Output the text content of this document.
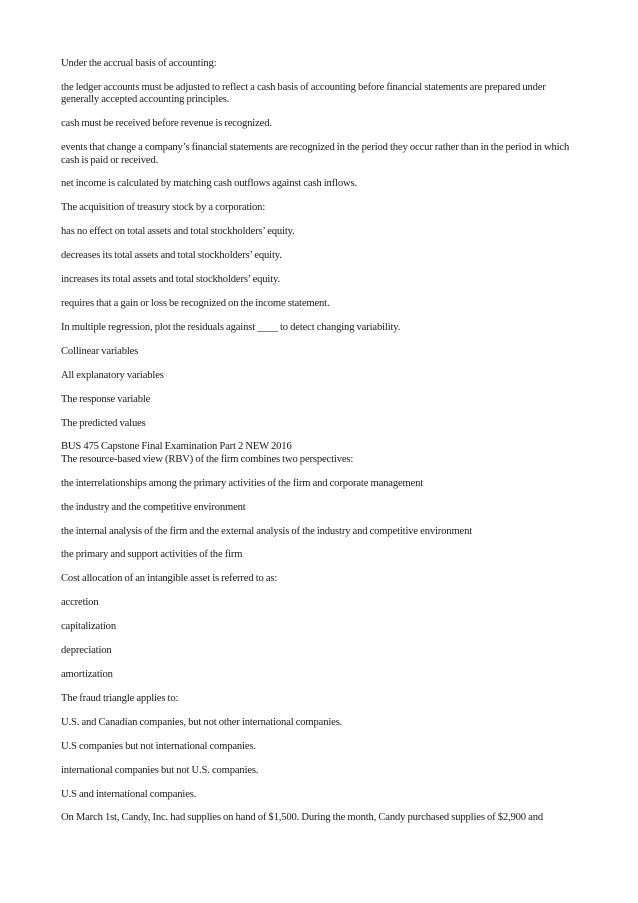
Under the accrual basis of accounting:

the ledger accounts must be adjusted to reflect a cash basis of accounting before financial statements are prepared under generally accepted accounting principles.

cash must be received before revenue is recognized.

events that change a company’s financial statements are recognized in the period they occur rather than in the period in which cash is paid or received.

net income is calculated by matching cash outflows against cash inflows.

The acquisition of treasury stock by a corporation:

has no effect on total assets and total stockholders’ equity.

decreases its total assets and total stockholders’ equity.

increases its total assets and total stockholders’ equity.

requires that a gain or loss be recognized on the income statement.

In multiple regression, plot the residuals against ____ to detect changing variability.

Collinear variables

All explanatory variables

The response variable

The predicted values

BUS 475 Capstone Final Examination Part 2 NEW 2016

The resource-based view (RBV) of the firm combines two perspectives:

the interrelationships among the primary activities of the firm and corporate management

the industry and the competitive environment

the internal analysis of the firm and the external analysis of the industry and competitive environment

the primary and support activities of the firm

Cost allocation of an intangible asset is referred to as:

accretion

capitalization

depreciation

amortization

The fraud triangle applies to:

U.S. and Canadian companies, but not other international companies.

U.S companies but not international companies.

international companies but not U.S. companies.

U.S and international companies.

On March 1st, Candy, Inc. had supplies on hand of $1,500. During the month, Candy purchased supplies of $2,900 and
